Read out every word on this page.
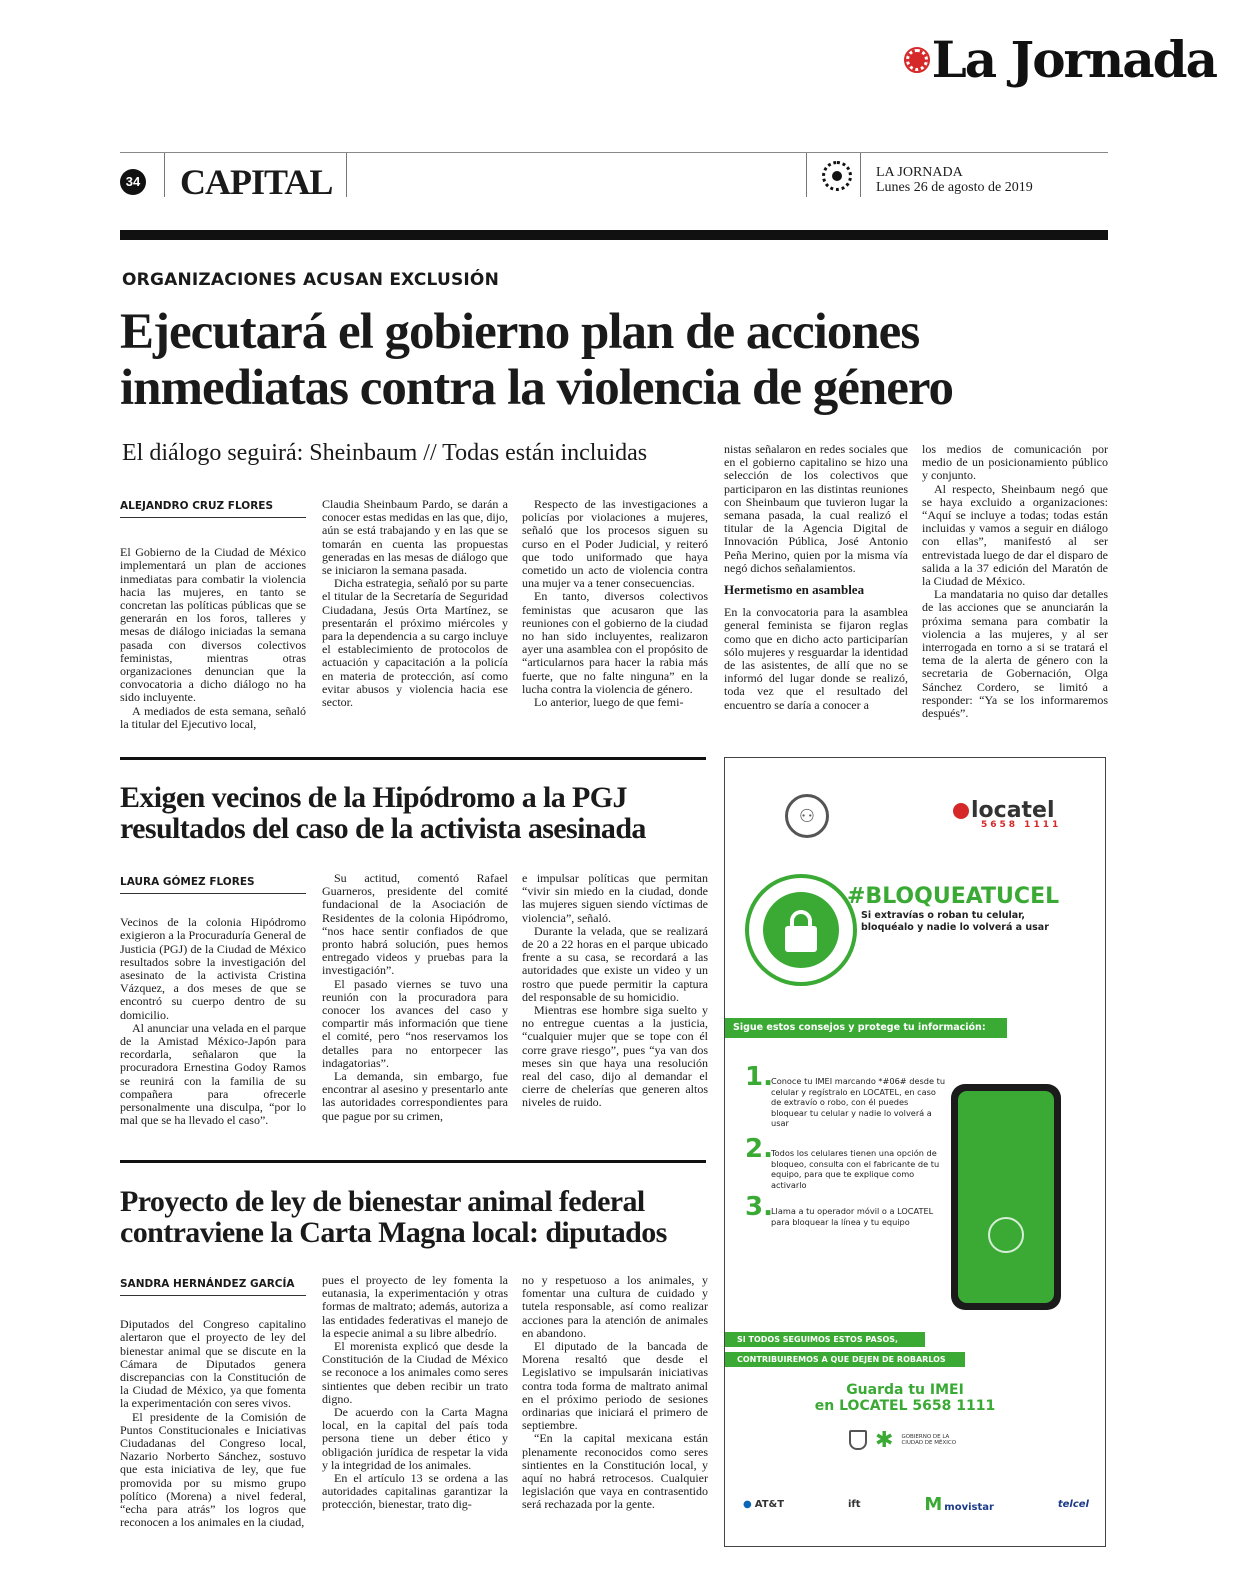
La Jornada
34 CAPITAL	LA JORNADA
Lunes 26 de agosto de 2019
ORGANIZACIONES ACUSAN EXCLUSIÓN
Ejecutará el gobierno plan de acciones
inmediatas contra la violencia de género
El diálogo seguirá: Sheinbaum // Todas están incluidas
ALEJANDRO CRUZ FLORES

El Gobierno de la Ciudad de México implementará un plan de acciones inmediatas para combatir la violencia hacia las mujeres, en tanto se concretan las políticas públicas que se generarán en los foros, talleres y mesas de diálogo iniciadas la semana pasada con diversos colectivos feministas, mientras otras organizaciones denuncian que la convocatoria a dicho diálogo no ha sido incluyente.

A mediados de esta semana, señaló la titular del Ejecutivo local,

Claudia Sheinbaum Pardo, se darán a conocer estas medidas en las que, dijo, aún se está trabajando y en las que se tomarán en cuenta las propuestas generadas en las mesas de diálogo que se iniciaron la semana pasada.

Dicha estrategia, señaló por su parte el titular de la Secretaría de Seguridad Ciudadana, Jesús Orta Martínez, se presentarán el próximo miércoles y para la dependencia a su cargo incluye el establecimiento de protocolos de actuación y capacitación a la policía en materia de protección, así como evitar abusos y violencia hacia ese sector.

Respecto de las investigaciones a policías por violaciones a mujeres, señaló que los procesos siguen su curso en el Poder Judicial, y reiteró que todo uniformado que haya cometido un acto de violencia contra una mujer va a tener consecuencias.

En tanto, diversos colectivos feministas que acusaron que las reuniones con el gobierno de la ciudad no han sido incluyentes, realizaron ayer una asamblea con el propósito de “articularnos para hacer la rabia más fuerte, que no falte ninguna” en la lucha contra la violencia de género.

Lo anterior, luego de que femi-

nistas señalaron en redes sociales que en el gobierno capitalino se hizo una selección de los colectivos que participaron en las distintas reuniones con Sheinbaum que tuvieron lugar la semana pasada, la cual realizó el titular de la Agencia Digital de Innovación Pública, José Antonio Peña Merino, quien por la misma vía negó dichos señalamientos.

Hermetismo en asamblea

En la convocatoria para la asamblea general feminista se fijaron reglas como que en dicho acto participarían sólo mujeres y resguardar la identidad de las asistentes, de allí que no se informó del lugar donde se realizó, toda vez que el resultado del encuentro se daría a conocer a

los medios de comunicación por medio de un posicionamiento público y conjunto.

Al respecto, Sheinbaum negó que se haya excluido a organizaciones: “Aquí se incluye a todas; todas están incluidas y vamos a seguir en diálogo con ellas”, manifestó al ser entrevistada luego de dar el disparo de salida a la 37 edición del Maratón de la Ciudad de México.

La mandataria no quiso dar detalles de las acciones que se anunciarán la próxima semana para combatir la violencia a las mujeres, y al ser interrogada en torno a si se tratará el tema de la alerta de género con la secretaria de Gobernación, Olga Sánchez Cordero, se limitó a responder: “Ya se los informaremos después”.

Exigen vecinos de la Hipódromo a la PGJ
resultados del caso de la activista asesinada
LAURA GÓMEZ FLORES

Vecinos de la colonia Hipódromo exigieron a la Procuraduría General de Justicia (PGJ) de la Ciudad de México resultados sobre la investigación del asesinato de la activista Cristina Vázquez, a dos meses de que se encontró su cuerpo dentro de su domicilio.

Al anunciar una velada en el parque de la Amistad México-Japón para recordarla, señalaron que la procuradora Ernestina Godoy Ramos se reunirá con la familia de su compañera para ofrecerle personalmente una disculpa, “por lo mal que se ha llevado el caso”.

Su actitud, comentó Rafael Guarneros, presidente del comité fundacional de la Asociación de Residentes de la colonia Hipódromo, “nos hace sentir confiados de que pronto habrá solución, pues hemos entregado videos y pruebas para la investigación”.

El pasado viernes se tuvo una reunión con la procuradora para conocer los avances del caso y compartir más información que tiene el comité, pero “nos reservamos los detalles para no entorpecer las indagatorias”.

La demanda, sin embargo, fue encontrar al asesino y presentarlo ante las autoridades correspondientes para que pague por su crimen,

e impulsar políticas que permitan “vivir sin miedo en la ciudad, donde las mujeres siguen siendo víctimas de violencia”, señaló.

Durante la velada, que se realizará de 20 a 22 horas en el parque ubicado frente a su casa, se recordará a las autoridades que existe un video y un rostro que puede permitir la captura del responsable de su homicidio.

Mientras ese hombre siga suelto y no entregue cuentas a la justicia, “cualquier mujer que se tope con él corre grave riesgo”, pues “ya van dos meses sin que haya una resolución real del caso, dijo al demandar el cierre de chelerías que generen altos niveles de ruido.

Proyecto de ley de bienestar animal federal
contraviene la Carta Magna local: diputados
SANDRA HERNÁNDEZ GARCÍA

Diputados del Congreso capitalino alertaron que el proyecto de ley del bienestar animal que se discute en la Cámara de Diputados genera discrepancias con la Constitución de la Ciudad de México, ya que fomenta la experimentación con seres vivos.

El presidente de la Comisión de Puntos Constitucionales e Iniciativas Ciudadanas del Congreso local, Nazario Norberto Sánchez, sostuvo que esta iniciativa de ley, que fue promovida por su mismo grupo político (Morena) a nivel federal, “echa para atrás” los logros que reconocen a los animales en la ciudad,

pues el proyecto de ley fomenta la eutanasia, la experimentación y otras formas de maltrato; además, autoriza a las entidades federativas el manejo de la especie animal a su libre albedrío.

El morenista explicó que desde la Constitución de la Ciudad de México se reconoce a los animales como seres sintientes que deben recibir un trato digno.

De acuerdo con la Carta Magna local, en la capital del país toda persona tiene un deber ético y obligación jurídica de respetar la vida y la integridad de los animales.

En el artículo 13 se ordena a las autoridades capitalinas garantizar la protección, bienestar, trato dig-

no y respetuoso a los animales, y fomentar una cultura de cuidado y tutela responsable, así como realizar acciones para la atención de animales en abandono.

El diputado de la bancada de Morena resaltó que desde el Legislativo se impulsarán iniciativas contra toda forma de maltrato animal en el próximo periodo de sesiones ordinarias que iniciará el primero de septiembre.

“En la capital mexicana están plenamente reconocidos como seres sintientes en la Constitución local, y aquí no habrá retrocesos. Cualquier legislación que vaya en contrasentido será rechazada por la gente.

⚇	locatel
5658 1111
#BLOQUEATUCEL
Si extravías o roban tu celular, bloquéalo y nadie lo volverá a usar
Sigue estos consejos y protege tu información:
1.
Conoce tu IMEI marcando *#06# desde tu celular y regístralo en LOCATEL, en caso de extravío o robo, con él puedes bloquear tu celular y nadie lo volverá a usar
2.
Todos los celulares tienen una opción de bloqueo, consulta con el fabricante de tu equipo, para que te explique como activarlo
3.
Llama a tu operador móvil o a LOCATEL para bloquear la línea y tu equipo
SI TODOS SEGUIMOS ESTOS PASOS,
CONTRIBUIREMOS A QUE DEJEN DE ROBARLOS
Guarda tu IMEI
en LOCATEL 5658 1111
✱ GOBIERNO DE LA CIUDAD DE MÉXICO
● AT&T	ift
M	movistar	telcel
